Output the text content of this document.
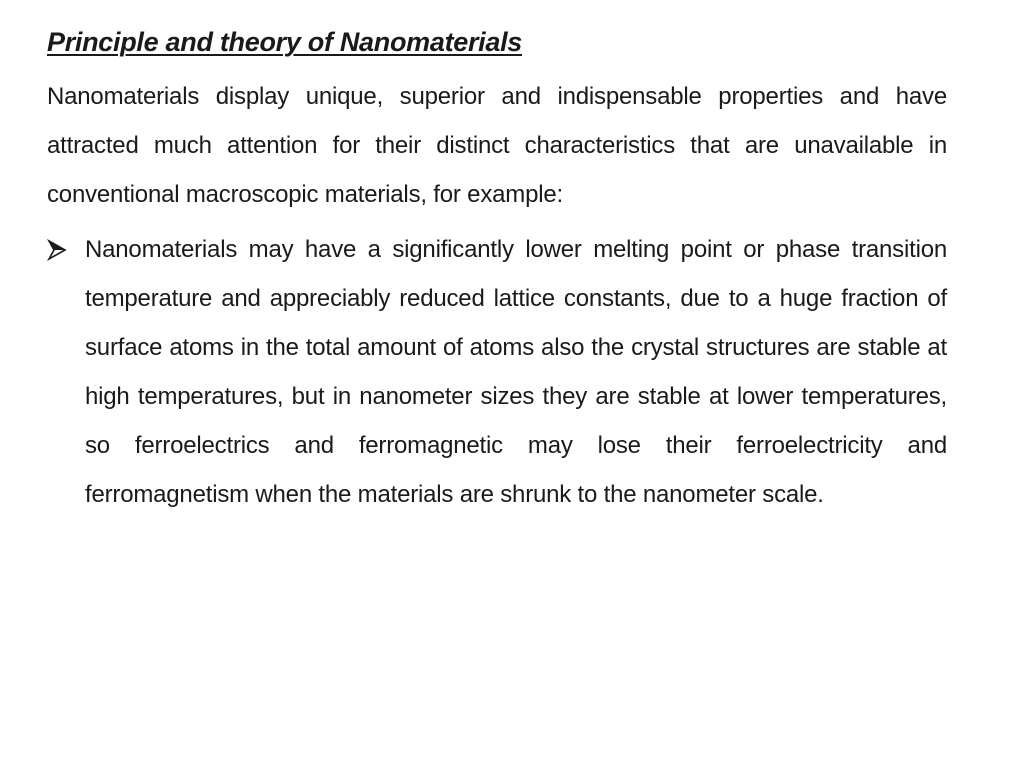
Principle and theory of Nanomaterials

Nanomaterials display unique, superior and indispensable properties and have attracted much attention for their distinct characteristics that are unavailable in conventional macroscopic materials, for example:

Nanomaterials may have a significantly lower melting point or phase transition temperature and appreciably reduced lattice constants, due to a huge fraction of surface atoms in the total amount of atoms also the crystal structures are stable at high temperatures, but in nanometer sizes they are stable at lower temperatures, so ferroelectrics and ferromagnetic may lose their ferroelectricity and ferromagnetism when the materials are shrunk to the nanometer scale.
